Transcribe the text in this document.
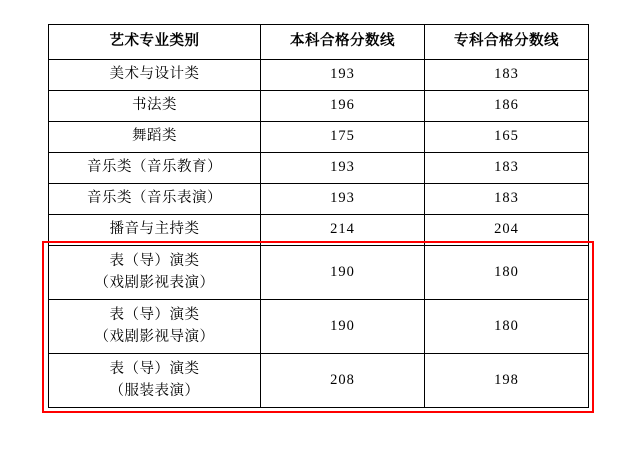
艺术专业类别	本科合格分数线	专科合格分数线

美术与设计类	193	183

书法类	196	186

舞蹈类	175	165

音乐类（音乐教育）	193	183

音乐类（音乐表演）	193	183

播音与主持类	214	204

表（导）演类
（戏剧影视表演）	190	180

表（导）演类
（戏剧影视导演）	190	180

表（导）演类
（服装表演）	208	198
